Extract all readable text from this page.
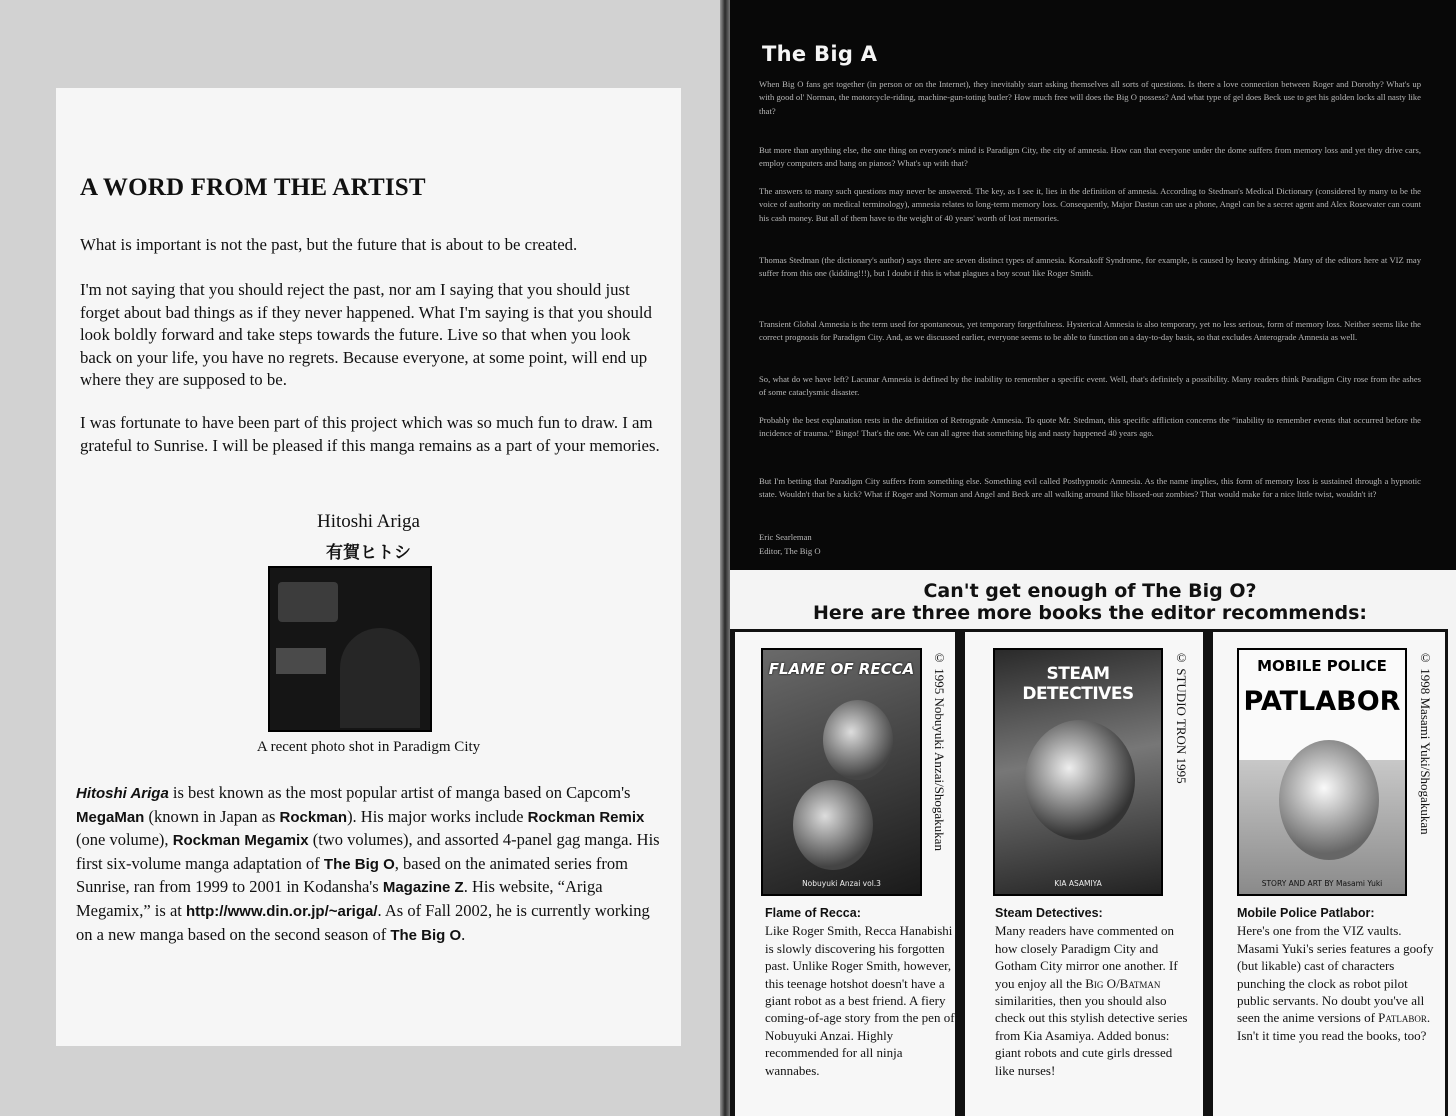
A WORD FROM THE ARTIST

What is important is not the past, but the future that is about to be created.

I'm not saying that you should reject the past, nor am I saying that you should just forget about bad things as if they never happened. What I'm saying is that you should look boldly forward and take steps towards the future. Live so that when you look back on your life, you have no regrets. Because everyone, at some point, will end up where they are supposed to be.

I was fortunate to have been part of this project which was so much fun to draw. I am grateful to Sunrise. I will be pleased if this manga remains as a part of your memories.

Hitoshi Ariga
有賀ヒトシ
A recent photo shot in Paradigm City

Hitoshi Ariga is best known as the most popular artist of manga based on Capcom's MegaMan (known in Japan as Rockman). His major works include Rockman Remix (one volume), Rockman Megamix (two volumes), and assorted 4-panel gag manga. His first six-volume manga adaptation of The Big O, based on the animated series from Sunrise, ran from 1999 to 2001 in Kodansha's Magazine Z. His website, “Ariga Megamix,” is at http://www.din.or.jp/~ariga/. As of Fall 2002, he is currently working on a new manga based on the second season of The Big O.

The Big A

When Big O fans get together (in person or on the Internet), they inevitably start asking themselves all sorts of questions. Is there a love connection between Roger and Dorothy? What's up with good ol' Norman, the motorcycle-riding, machine-gun-toting butler? How much free will does the Big O possess? And what type of gel does Beck use to get his golden locks all nasty like that?

But more than anything else, the one thing on everyone's mind is Paradigm City, the city of amnesia. How can that everyone under the dome suffers from memory loss and yet they drive cars, employ computers and bang on pianos? What's up with that?

The answers to many such questions may never be answered. The key, as I see it, lies in the definition of amnesia. According to Stedman's Medical Dictionary (considered by many to be the voice of authority on medical terminology), amnesia relates to long-term memory loss. Consequently, Major Dastun can use a phone, Angel can be a secret agent and Alex Rosewater can count his cash money. But all of them have to the weight of 40 years' worth of lost memories.

Thomas Stedman (the dictionary's author) says there are seven distinct types of amnesia. Korsakoff Syndrome, for example, is caused by heavy drinking. Many of the editors here at VIZ may suffer from this one (kidding!!!), but I doubt if this is what plagues a boy scout like Roger Smith.

Transient Global Amnesia is the term used for spontaneous, yet temporary forgetfulness. Hysterical Amnesia is also temporary, yet no less serious, form of memory loss. Neither seems like the correct prognosis for Paradigm City. And, as we discussed earlier, everyone seems to be able to function on a day-to-day basis, so that excludes Anterograde Amnesia as well.

So, what do we have left? Lacunar Amnesia is defined by the inability to remember a specific event. Well, that's definitely a possibility. Many readers think Paradigm City rose from the ashes of some cataclysmic disaster.

Probably the best explanation rests in the definition of Retrograde Amnesia. To quote Mr. Stedman, this specific affliction concerns the “inability to remember events that occurred before the incidence of trauma.” Bingo! That's the one. We can all agree that something big and nasty happened 40 years ago.

But I'm betting that Paradigm City suffers from something else. Something evil called Posthypnotic Amnesia. As the name implies, this form of memory loss is sustained through a hypnotic state. Wouldn't that be a kick? What if Roger and Norman and Angel and Beck are all walking around like blissed-out zombies? That would make for a nice little twist, wouldn't it?

Eric Searleman
Editor, The Big O
Can't get enough of The Big O?
Here are three more books the editor recommends:
FLAME OF RECCA
Nobuyuki Anzai vol.3
© 1995 Nobuyuki Anzai/Shogakukan
Flame of Recca:
Like Roger Smith, Recca Hanabishi is slowly discovering his forgotten past. Unlike Roger Smith, however, this teenage hotshot doesn't have a giant robot as a best friend. A fiery coming-of-age story from the pen of Nobuyuki Anzai. Highly recommended for all ninja wannabes.
STEAM DETECTIVES
KIA ASAMIYA
© STUDIO TRON 1995
Steam Detectives:
Many readers have commented on how closely Paradigm City and Gotham City mirror one another. If you enjoy all the Big O/Batman similarities, then you should also check out this stylish detective series from Kia Asamiya. Added bonus: giant robots and cute girls dressed like nurses!
MOBILE POLICE
PATLABOR
STORY AND ART BY Masami Yuki
© 1998 Masami Yuki/Shogakukan
Mobile Police Patlabor:
Here's one from the VIZ vaults. Masami Yuki's series features a goofy (but likable) cast of characters punching the clock as robot pilot public servants. No doubt you've all seen the anime versions of Patlabor. Isn't it time you read the books, too?
